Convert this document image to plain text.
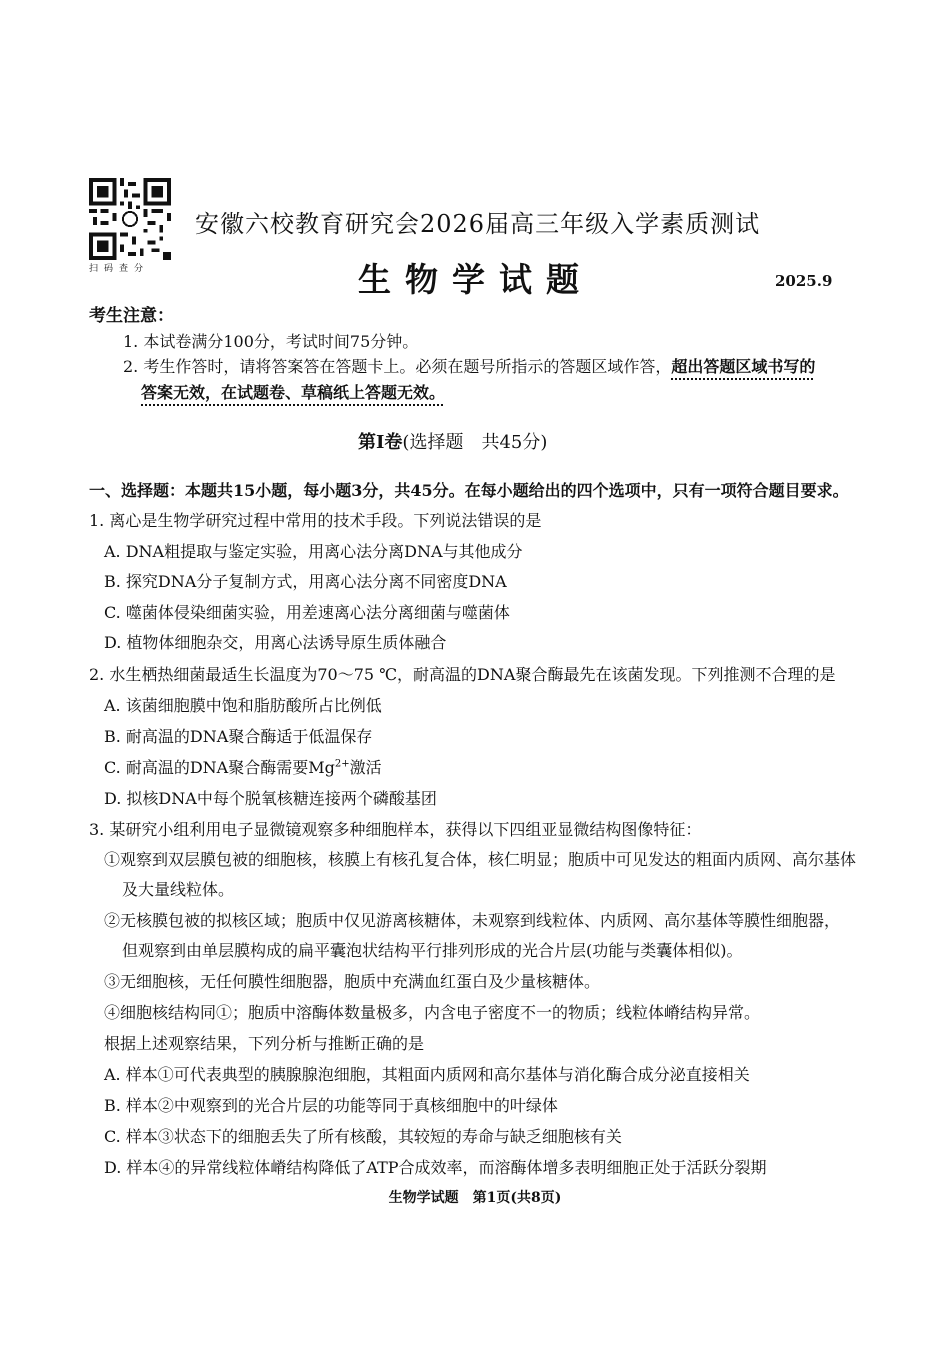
扫码查分
安徽六校教育研究会2026届高三年级入学素质测试
生物学试题	2025.9
考生注意：
1. 本试卷满分100分，考试时间75分钟。
2. 考生作答时，请将答案答在答题卡上。必须在题号所指示的答题区域作答，超出答题区域书写的
答案无效，在试题卷、草稿纸上答题无效。
第Ⅰ卷(选择题　共45分)
一、选择题：本题共15小题，每小题3分，共45分。在每小题给出的四个选项中，只有一项符合题目要求。
1. 离心是生物学研究过程中常用的技术手段。下列说法错误的是
A. DNA粗提取与鉴定实验，用离心法分离DNA与其他成分
B. 探究DNA分子复制方式，用离心法分离不同密度DNA
C. 噬菌体侵染细菌实验，用差速离心法分离细菌与噬菌体
D. 植物体细胞杂交，用离心法诱导原生质体融合
2. 水生栖热细菌最适生长温度为70～75 ℃，耐高温的DNA聚合酶最先在该菌发现。下列推测不合理的是
A. 该菌细胞膜中饱和脂肪酸所占比例低
B. 耐高温的DNA聚合酶适于低温保存
C. 耐高温的DNA聚合酶需要$Mg^{2+}$激活
D. 拟核DNA中每个脱氧核糖连接两个磷酸基团
3. 某研究小组利用电子显微镜观察多种细胞样本，获得以下四组亚显微结构图像特征：
①观察到双层膜包被的细胞核，核膜上有核孔复合体，核仁明显；胞质中可见发达的粗面内质网、高尔基体
及大量线粒体。
②无核膜包被的拟核区域；胞质中仅见游离核糖体，未观察到线粒体、内质网、高尔基体等膜性细胞器，
但观察到由单层膜构成的扁平囊泡状结构平行排列形成的光合片层(功能与类囊体相似)。
③无细胞核，无任何膜性细胞器，胞质中充满血红蛋白及少量核糖体。
④细胞核结构同①；胞质中溶酶体数量极多，内含电子密度不一的物质；线粒体嵴结构异常。
根据上述观察结果，下列分析与推断正确的是
A. 样本①可代表典型的胰腺腺泡细胞，其粗面内质网和高尔基体与消化酶合成分泌直接相关
B. 样本②中观察到的光合片层的功能等同于真核细胞中的叶绿体
C. 样本③状态下的细胞丢失了所有核酸，其较短的寿命与缺乏细胞核有关
D. 样本④的异常线粒体嵴结构降低了ATP合成效率，而溶酶体增多表明细胞正处于活跃分裂期
生物学试题　第1页(共8页)
